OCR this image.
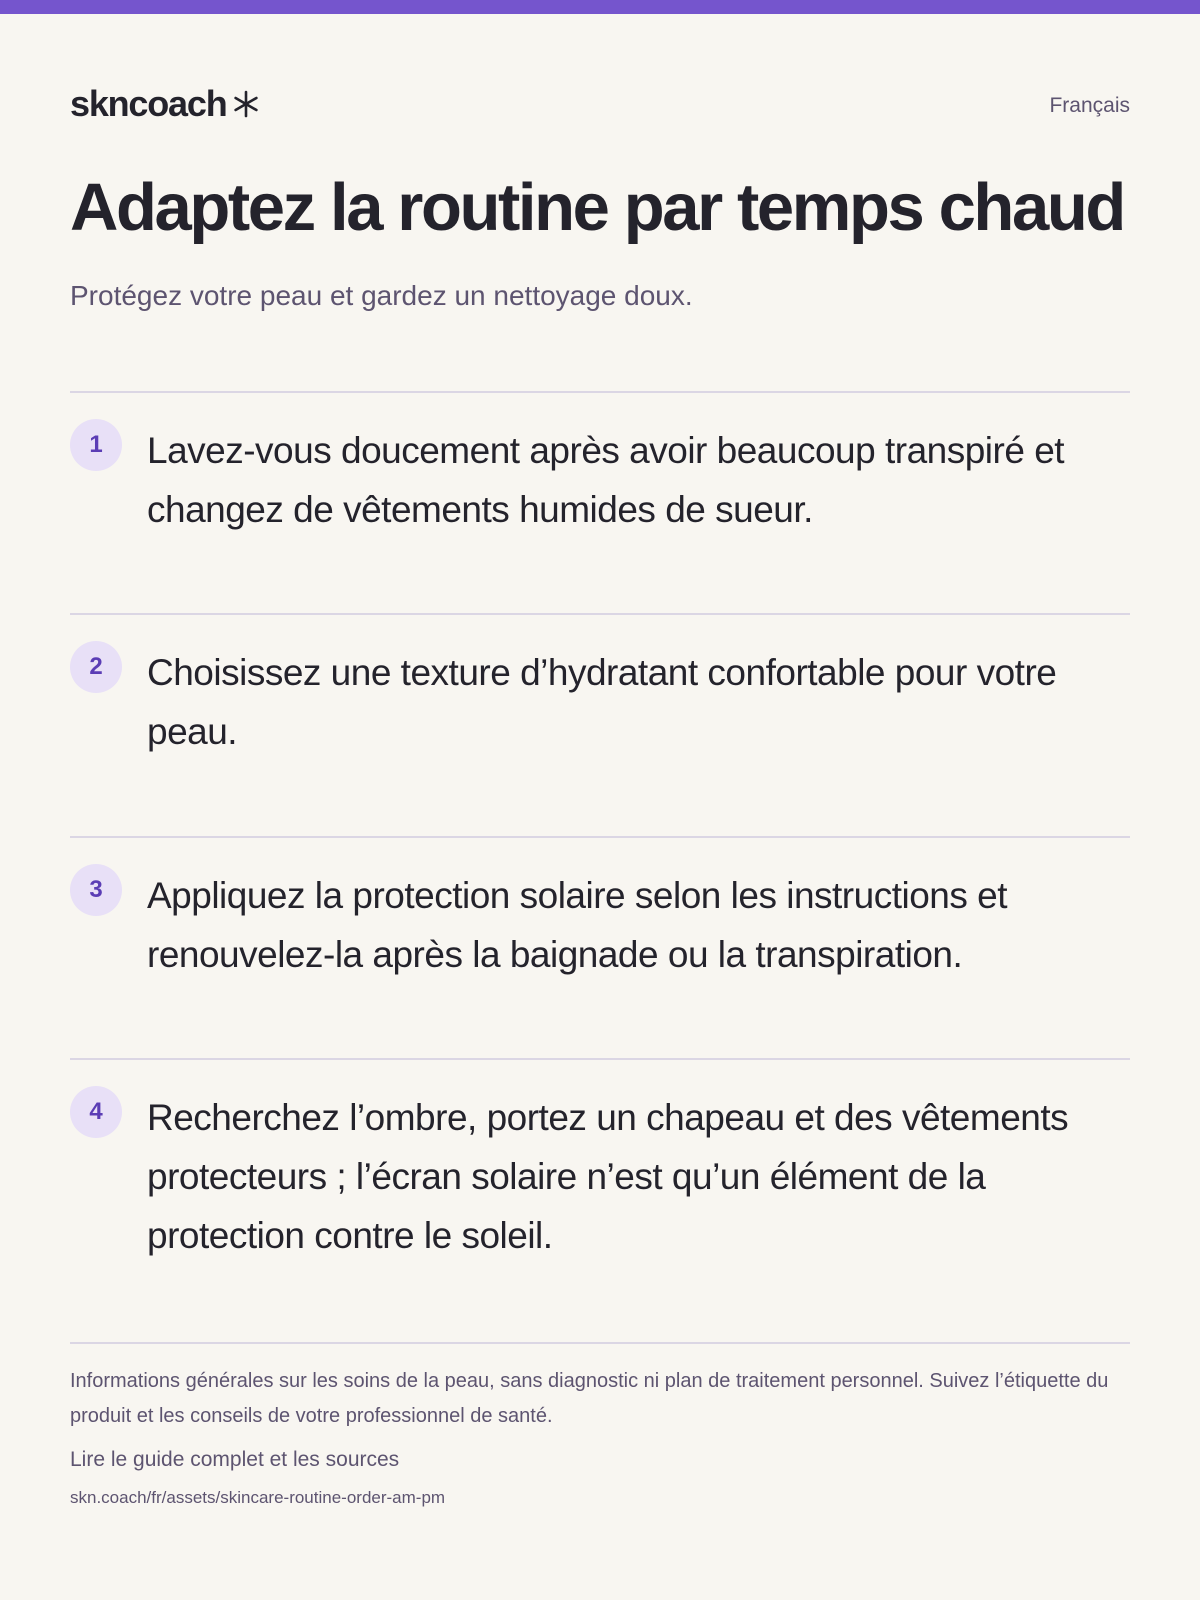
skncoach	Français
Adaptez la routine par temps chaud

Protégez votre peau et gardez un nettoyage doux.

1	Lavez-vous doucement après avoir beaucoup transpiré et changez de vêtements humides de sueur.

2	Choisissez une texture d’hydratant confortable pour votre peau.

3	Appliquez la protection solaire selon les instructions et renouvelez-la après la baignade ou la transpiration.

4	Recherchez l’ombre, portez un chapeau et des vêtements protecteurs ; l’écran solaire n’est qu’un élément de la protection contre le soleil.

Informations générales sur les soins de la peau, sans diagnostic ni plan de traitement personnel. Suivez l’étiquette du produit et les conseils de votre professionnel de santé.

Lire le guide complet et les sources

skn.coach/fr/assets/skincare-routine-order-am-pm
